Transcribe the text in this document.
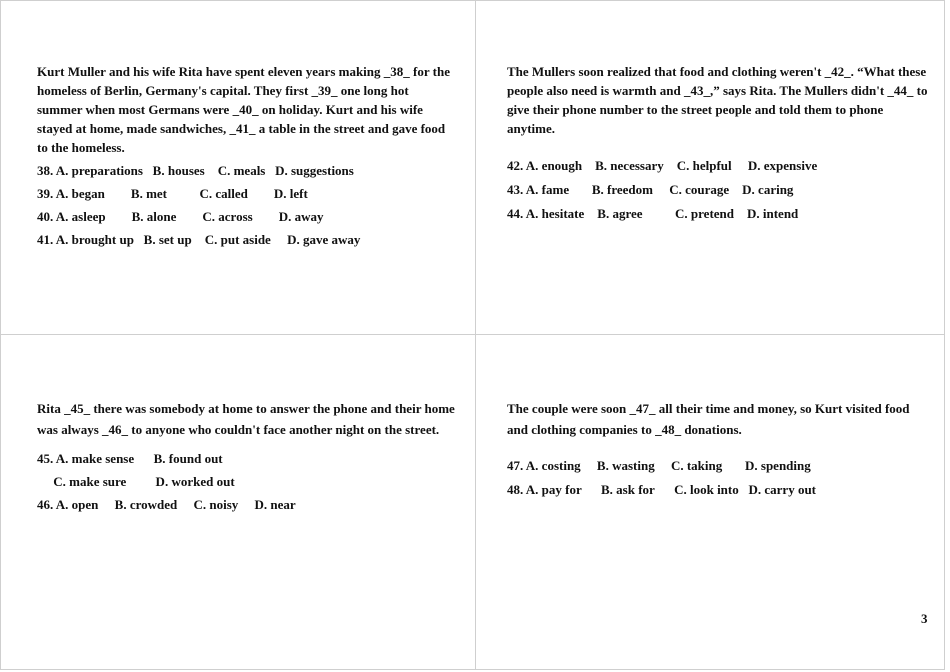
Kurt Muller and his wife Rita have spent eleven years making _38_ for the homeless of Berlin, Germany's capital. They first _39_ one long hot summer when most Germans were _40_ on holiday. Kurt and his wife stayed at home, made sandwiches, _41_ a table in the street and gave food to the homeless.

38. A. preparations   B. houses    C. meals   D. suggestions

39. A. began        B. met          C. called        D. left

40. A. asleep        B. alone        C. across        D. away

41. A. brought up   B. set up    C. put aside     D. gave away

The Mullers soon realized that food and clothing weren't _42_. “What these people also need is warmth and _43_,” says Rita. The Mullers didn't _44_ to give their phone number to the street people and told them to phone anytime.

42. A. enough    B. necessary    C. helpful     D. expensive

43. A. fame       B. freedom     C. courage    D. caring

44. A. hesitate    B. agree          C. pretend    D. intend

Rita _45_ there was somebody at home to answer the phone and their home was always _46_ to anyone who couldn't face another night on the street.

45. A. make sense      B. found out

C. make sure         D. worked out

46. A. open     B. crowded     C. noisy     D. near

The couple were soon _47_ all their time and money, so Kurt visited food and clothing companies to _48_ donations.

47. A. costing     B. wasting     C. taking       D. spending

48. A. pay for      B. ask for      C. look into   D. carry out

3
